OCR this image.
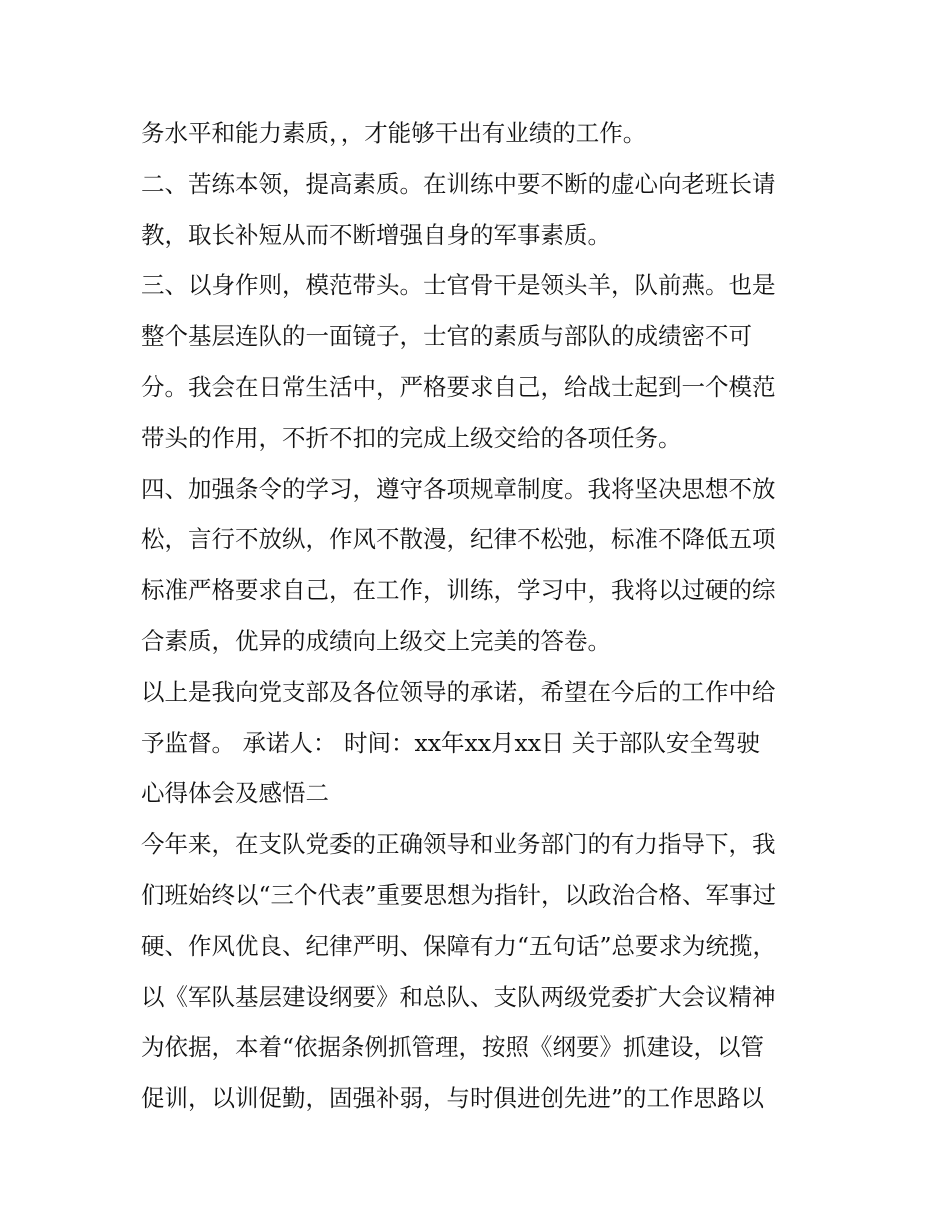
务水平和能力素质，，才能够干出有业绩的工作。
二、苦练本领，提高素质。在训练中要不断的虚心向老班长请
教，取长补短从而不断增强自身的军事素质。
三、以身作则，模范带头。士官骨干是领头羊，队前燕。也是
整个基层连队的一面镜子，士官的素质与部队的成绩密不可
分。我会在日常生活中，严格要求自己，给战士起到一个模范
带头的作用，不折不扣的完成上级交给的各项任务。
四、加强条令的学习，遵守各项规章制度。我将坚决思想不放
松，言行不放纵，作风不散漫，纪律不松弛，标准不降低五项
标准严格要求自己，在工作，训练，学习中，我将以过硬的综
合素质，优异的成绩向上级交上完美的答卷。
以上是我向党支部及各位领导的承诺，希望在今后的工作中给
予监督。 承诺人： 时间：xx年xx月xx日 关于部队安全驾驶
心得体会及感悟二
今年来，在支队党委的正确领导和业务部门的有力指导下，我
们班始终以“三个代表”重要思想为指针，以政治合格、军事过
硬、作风优良、纪律严明、保障有力“五句话”总要求为统揽，
以《军队基层建设纲要》和总队、支队两级党委扩大会议精神
为依据，本着“依据条例抓管理，按照《纲要》抓建设，以管
促训，以训促勤，固强补弱，与时俱进创先进”的工作思路以
